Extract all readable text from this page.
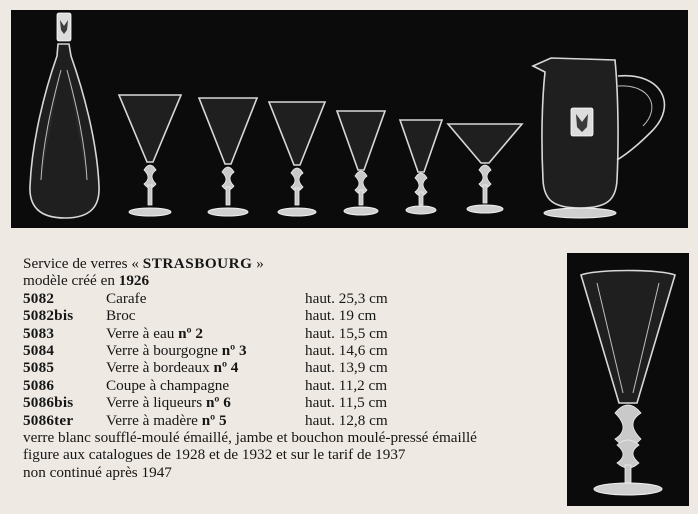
Service de verres « STRASBOURG »
modèle créé en 1926
5082	Carafe	haut. 25,3 cm
5082bis Broc	haut. 19 cm
5083	Verre à eau nº 2	haut. 15,5 cm
5084	Verre à bourgogne nº 3	haut. 14,6 cm
5085	Verre à bordeaux nº 4	haut. 13,9 cm
5086	Coupe à champagne	haut. 11,2 cm
5086bis Verre à liqueurs nº 6	haut. 11,5 cm
5086ter Verre à madère nº 5	haut. 12,8 cm
verre blanc soufflé-moulé émaillé, jambe et bouchon moulé-pressé émaillé
figure aux catalogues de 1928 et de 1932 et sur le tarif de 1937
non continué après 1947
